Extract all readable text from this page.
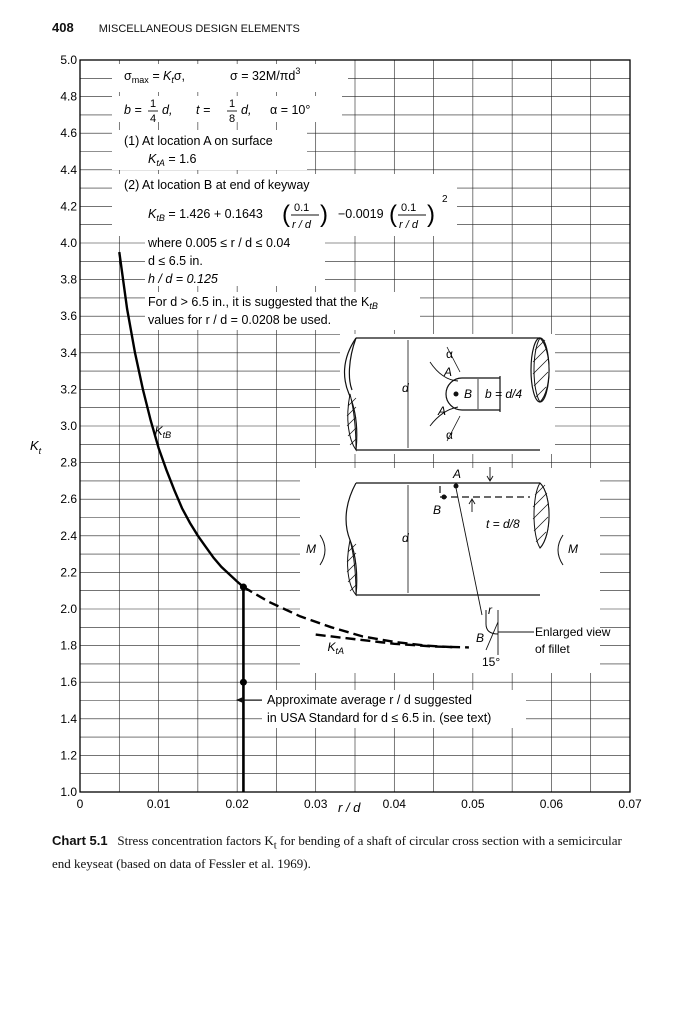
408 MISCELLANEOUS DESIGN ELEMENTS
0	0.01	0.02	0.03	0.04	0.05	0.06	0.07
1.0
1.2
1.4
1.6
1.8
2.0
2.2
2.4
2.6
2.8
3.0
3.2
3.4
3.6
3.8
4.0
4.2
4.4
4.6
4.8
5.0
$\sigma_{max} = K_t\sigma$,	$\sigma = 32M/\pi d^3$
b = 1
4
d, t = 1
8
d, α = 10°
(1) At location A on surface
$K_{tA} = 1.6$
(2) At location B at end of keyway
$K_{tB} = 1.426 + 0.1643$ ( 0.1
r / d ) −0.0019 ( 0.1
r / d )
2
where 0.005 ≤ r / d ≤ 0.04
d ≤ 6.5 in.
h / d = 0.125
For d > 6.5 in., it is suggested that the $K_{tB}$
values for r / d = 0.0208 be used.
Approximate average r / d suggested
in USA Standard for d ≤ 6.5 in. (see text)
$K_{tB}$
$K_{tA}$
r / d
$K_t$
d
α
A
B b = d/4
A
α
A
B
t = d/8
d
M	M
r
B
15°
Enlarged view
of fillet
Chart 5.1 Stress concentration factors $K_t$ for bending of a shaft of circular cross section with a semicircular end keyseat (based on data of Fessler et al. 1969).
